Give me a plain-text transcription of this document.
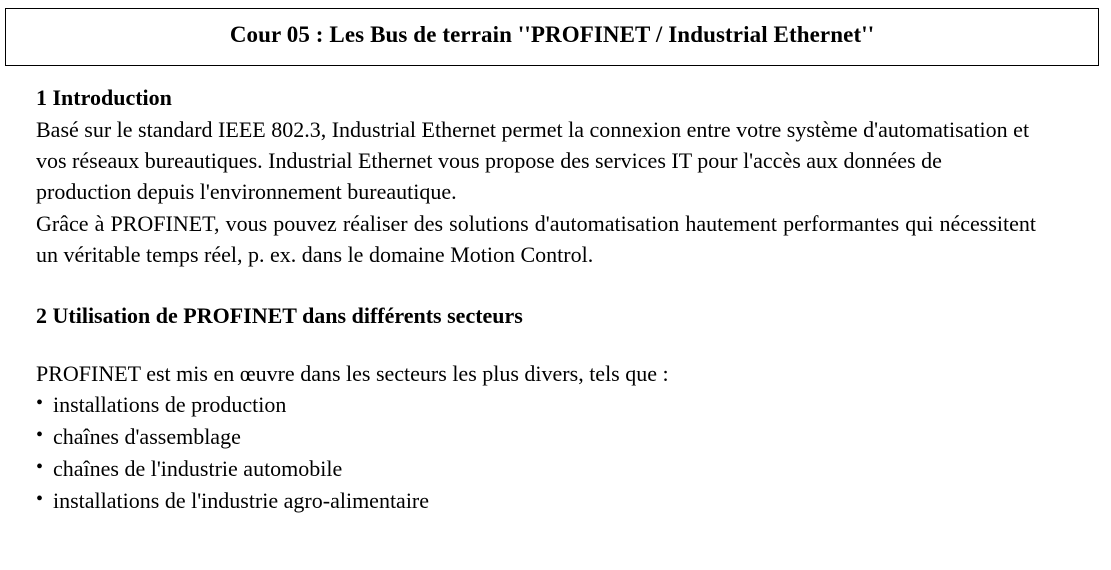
Cour 05 : Les Bus de terrain ''PROFINET / Industrial Ethernet''
1 Introduction

Basé sur le standard IEEE 802.3, Industrial Ethernet permet la connexion entre votre système d'automatisation et vos réseaux bureautiques. Industrial Ethernet vous propose des services IT pour l'accès aux données de production depuis l'environnement bureautique.

Grâce à PROFINET, vous pouvez réaliser des solutions d'automatisation hautement performantes qui nécessitent un véritable temps réel, p. ex. dans le domaine Motion Control.

2 Utilisation de PROFINET dans différents secteurs

PROFINET est mis en œuvre dans les secteurs les plus divers, tels que :

• installations de production
• chaînes d'assemblage
• chaînes de l'industrie automobile
• installations de l'industrie agro-alimentaire
